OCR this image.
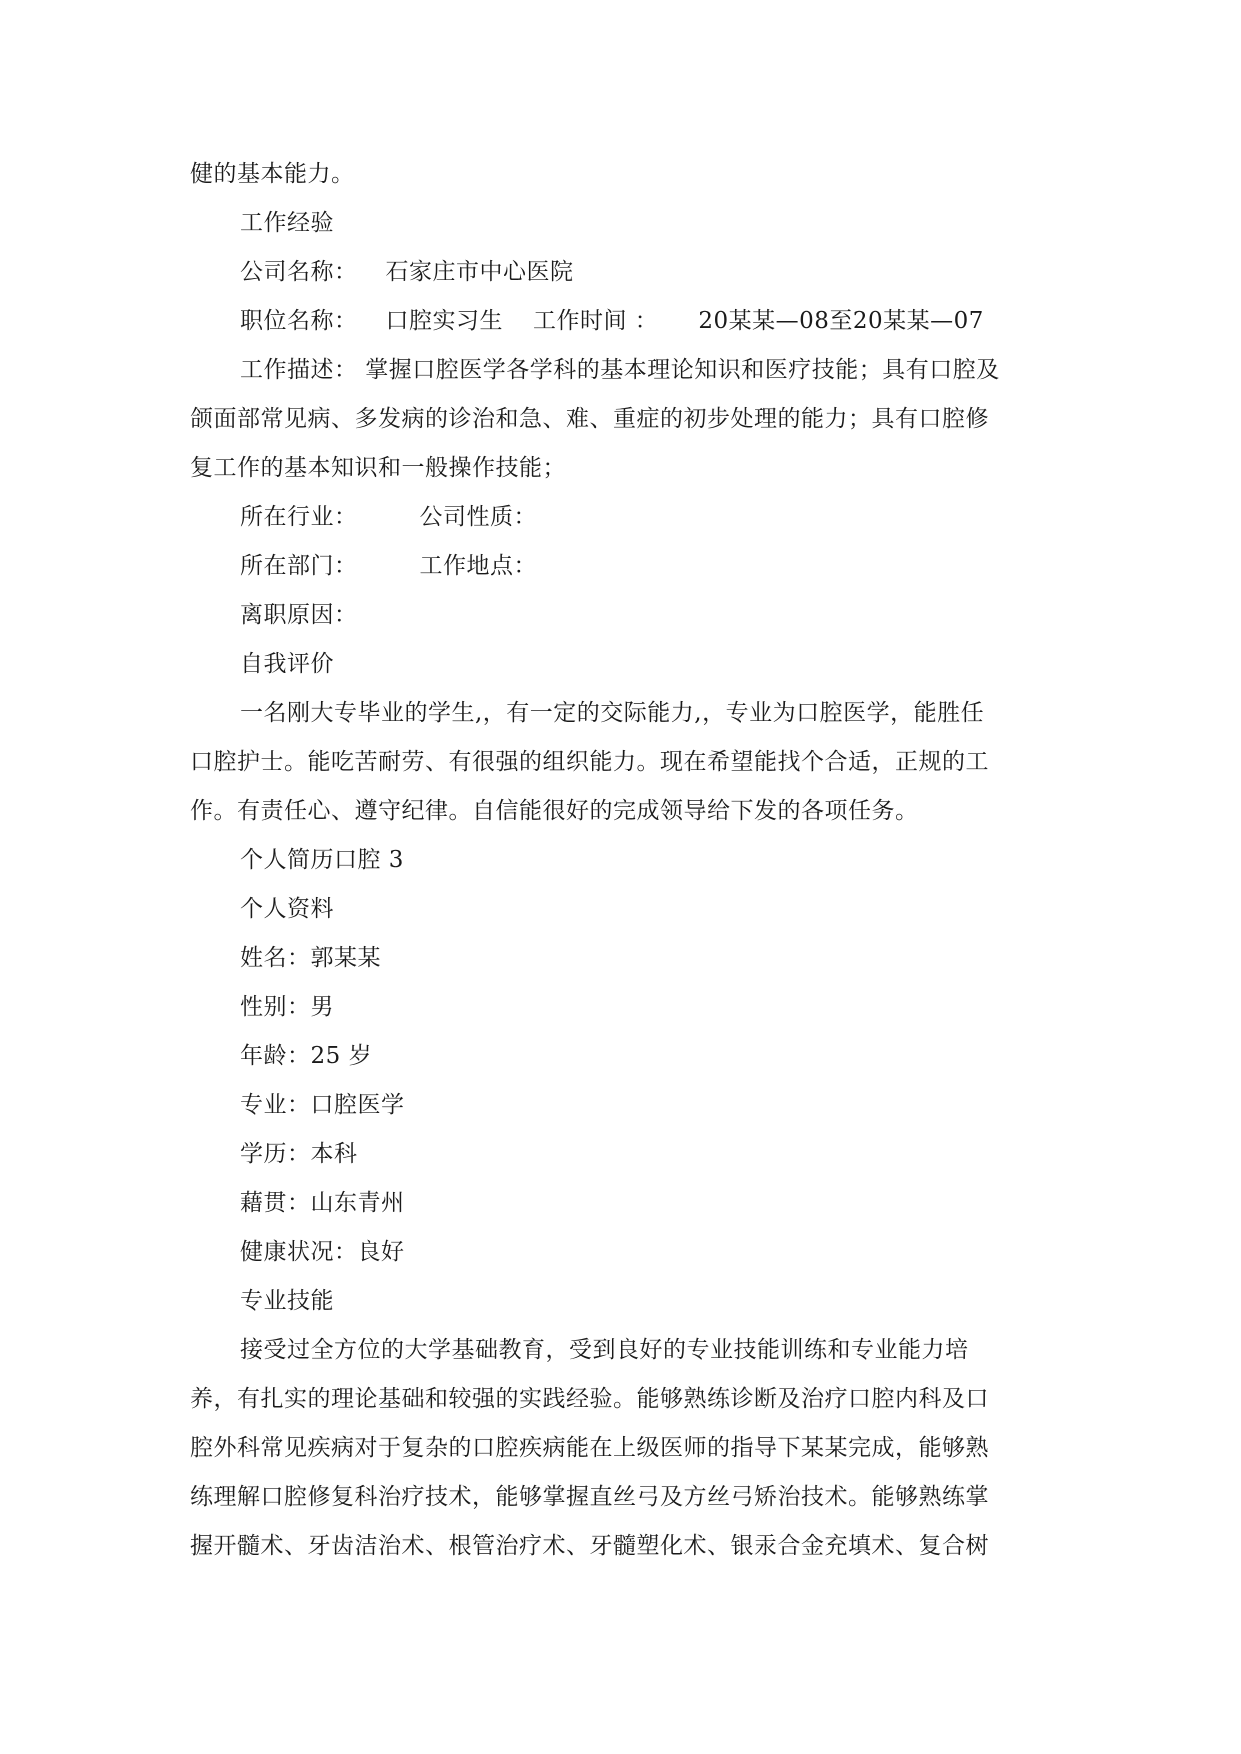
健的基本能力。
工作经验
公司名称： 石家庄市中心医院
职位名称： 口腔实习生 工作时间 ： 20某某—08至20某某—07
工作描述： 掌握口腔医学各学科的基本理论知识和医疗技能；具有口腔及
颌面部常见病、多发病的诊治和急、难、重症的初步处理的能力；具有口腔修
复工作的基本知识和一般操作技能；
所在行业：	公司性质：
所在部门：	工作地点：
离职原因：
自我评价
一名刚大专毕业的学生,，有一定的交际能力,，专业为口腔医学，能胜任
口腔护士。能吃苦耐劳、有很强的组织能力。现在希望能找个合适，正规的工
作。有责任心、遵守纪律。自信能很好的完成领导给下发的各项任务。
个人简历口腔 3
个人资料
姓名：郭某某
性别：男
年龄：25 岁
专业：口腔医学
学历：本科
藉贯：山东青州
健康状况：良好
专业技能
接受过全方位的大学基础教育，受到良好的专业技能训练和专业能力培
养，有扎实的理论基础和较强的实践经验。能够熟练诊断及治疗口腔内科及口
腔外科常见疾病对于复杂的口腔疾病能在上级医师的指导下某某完成，能够熟
练理解口腔修复科治疗技术，能够掌握直丝弓及方丝弓矫治技术。能够熟练掌
握开髓术、牙齿洁治术、根管治疗术、牙髓塑化术、银汞合金充填术、复合树
